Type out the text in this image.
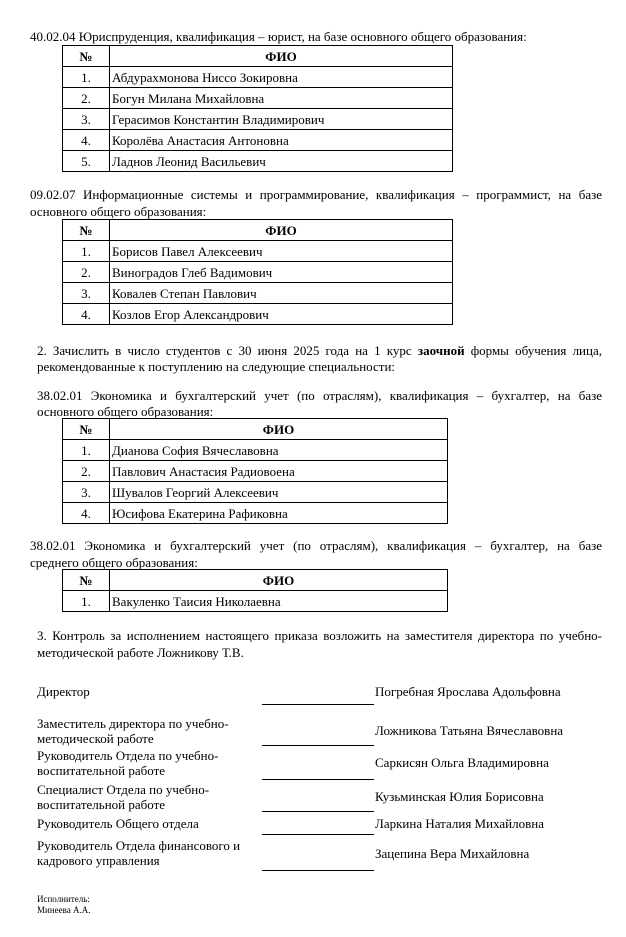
40.02.04 Юриспруденция, квалификация – юрист, на базе основного общего образования:
№	ФИО
1.	Абдурахмонова Ниссо Зокировна
2.	Богун Милана Михайловна
3.	Герасимов Константин Владимирович
4.	Королёва Анастасия Антоновна
5.	Ладнов Леонид Васильевич
09.02.07 Информационные системы и программирование, квалификация – программист, на базе
основного общего образования:
№	ФИО
1.	Борисов Павел Алексеевич
2.	Виноградов Глеб Вадимович
3.	Ковалев Степан Павлович
4.	Козлов Егор Александрович
2. Зачислить в число студентов с 30 июня 2025 года на 1 курс заочной формы обучения лица,
рекомендованные к поступлению на следующие специальности:
38.02.01 Экономика и бухгалтерский учет (по отраслям), квалификация – бухгалтер, на базе
основного общего образования:
№	ФИО
1.	Дианова София Вячеславовна
2.	Павлович Анастасия Радиовоена
3.	Шувалов Георгий Алексеевич
4.	Юсифова Екатерина Рафиковна
38.02.01 Экономика и бухгалтерский учет (по отраслям), квалификация – бухгалтер, на базе
среднего общего образования:
№	ФИО
1.	Вакуленко Таисия Николаевна
3. Контроль за исполнением настоящего приказа возложить на заместителя директора по учебно-
методической работе Ложникову Т.В.
Директор	Погребная Ярослава Адольфовна
Заместитель директора по учебно-методической работе
Ложникова Татьяна Вячеславовна
Руководитель Отдела по учебно-воспитательной работе
Саркисян Ольга Владимировна
Специалист Отдела по учебно-воспитательной работе
Кузьминская Юлия Борисовна
Руководитель Общего отдела	Ларкина Наталия Михайловна
Руководитель Отдела финансового и кадрового управления	Зацепина Вера Михайловна
Исполнитель:
Минеева А.А.
